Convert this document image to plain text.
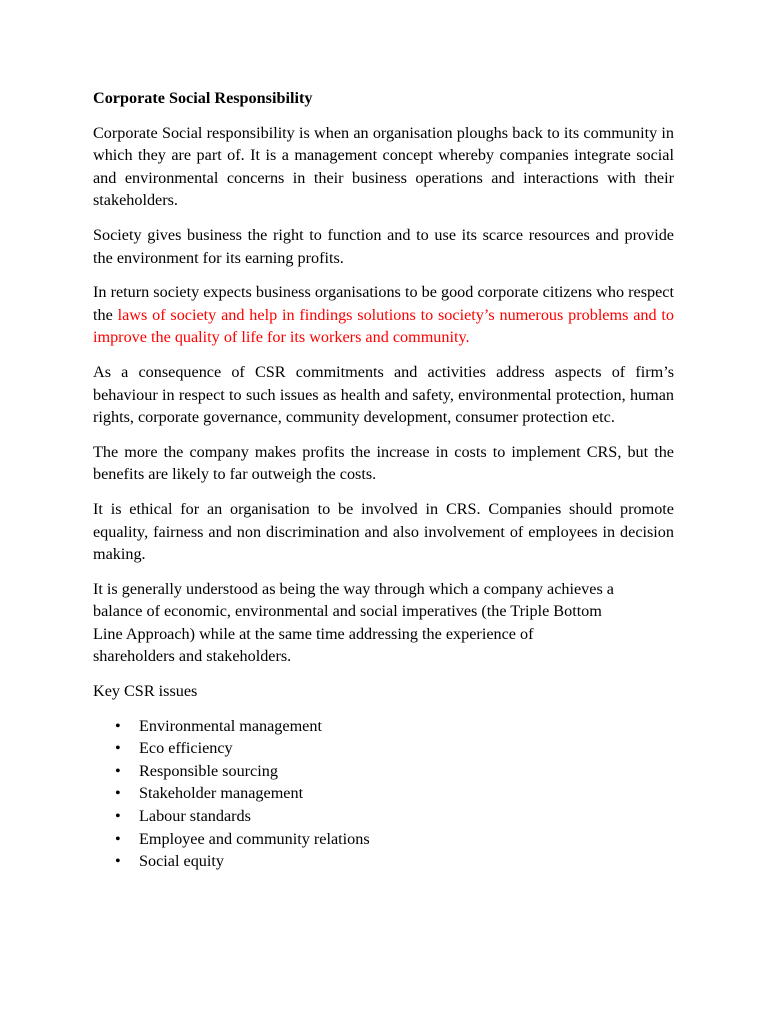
Corporate Social Responsibility

Corporate Social responsibility is when an organisation ploughs back to its community in which they are part of. It is a management concept whereby companies integrate social and environmental concerns in their business operations and interactions with their stakeholders.

Society gives business the right to function and to use its scarce resources and provide the environment for its earning profits.

In return society expects business organisations to be good corporate citizens who respect the laws of society and help in findings solutions to society’s numerous problems and to improve the quality of life for its workers and community.

As a consequence of CSR commitments and activities address aspects of firm’s behaviour in respect to such issues as health and safety, environmental protection, human rights, corporate governance, community development, consumer protection etc.

The more the company makes profits the increase in costs to implement CRS, but the benefits are likely to far outweigh the costs.

It is ethical for an organisation to be involved in CRS. Companies should promote equality, fairness and non discrimination and also involvement of employees in decision making.

It is generally understood as being the way through which a company achieves a
balance of economic, environmental and social imperatives (the Triple Bottom
Line Approach) while at the same time addressing the experience of
shareholders and stakeholders.

Key CSR issues
• Environmental management
• Eco efficiency
• Responsible sourcing
• Stakeholder management
• Labour standards
• Employee and community relations
• Social equity
